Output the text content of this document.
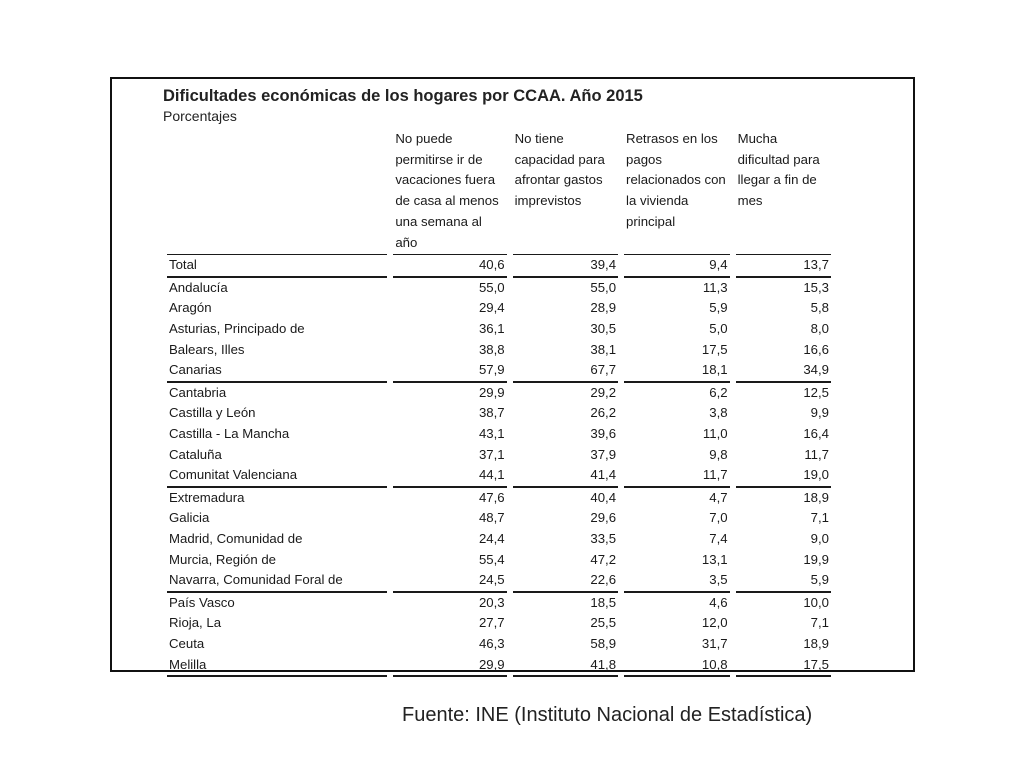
Dificultades económicas de los hogares por CCAA. Año 2015
Porcentajes
	No puede permitirse ir de vacaciones fuera de casa al menos una semana al año	No tiene capacidad para afrontar gastos imprevistos	Retrasos en los pagos relacionados con la vivienda principal	Mucha dificultad para llegar a fin de mes
Total	40,6	39,4	9,4	13,7
Andalucía	55,0	55,0	11,3	15,3
Aragón	29,4	28,9	5,9	5,8
Asturias, Principado de	36,1	30,5	5,0	8,0
Balears, Illes	38,8	38,1	17,5	16,6
Canarias	57,9	67,7	18,1	34,9
Cantabria	29,9	29,2	6,2	12,5
Castilla y León	38,7	26,2	3,8	9,9
Castilla - La Mancha	43,1	39,6	11,0	16,4
Cataluña	37,1	37,9	9,8	11,7
Comunitat Valenciana	44,1	41,4	11,7	19,0
Extremadura	47,6	40,4	4,7	18,9
Galicia	48,7	29,6	7,0	7,1
Madrid, Comunidad de	24,4	33,5	7,4	9,0
Murcia, Región de	55,4	47,2	13,1	19,9
Navarra, Comunidad Foral de	24,5	22,6	3,5	5,9
País Vasco	20,3	18,5	4,6	10,0
Rioja, La	27,7	25,5	12,0	7,1
Ceuta	46,3	58,9	31,7	18,9
Melilla	29,9	41,8	10,8	17,5
Fuente: INE (Instituto Nacional de Estadística)
